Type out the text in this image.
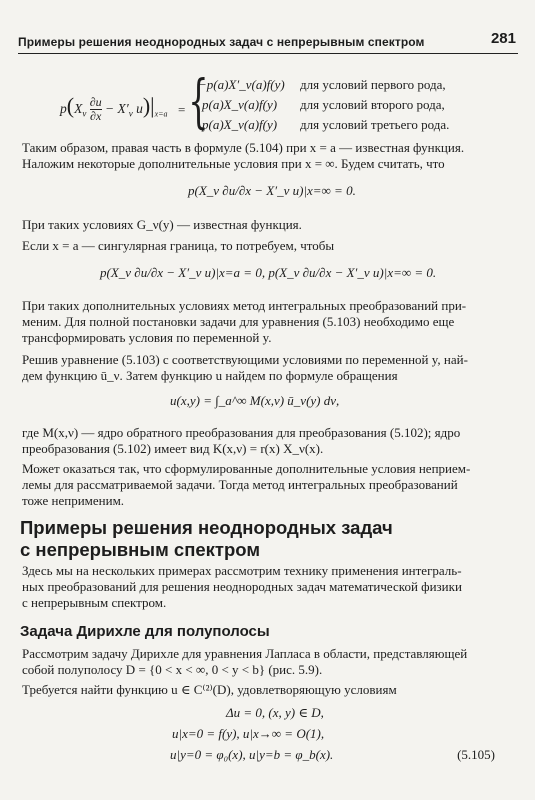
Примеры решения неоднородных задач с непрерывным спектром	281
$p(X_\nu \frac{\partial u}{\partial x} - X'_\nu$ $u)|_{x=a}$ = {
−p(a)X′_ν(a)f(y) для условий первого рода,
p(a)X_ν(a)f(y) для условий второго рода,
p(a)X_ν(a)f(y) для условий третьего рода.
Таким образом, правая часть в формуле (5.104) при x = a — известная функция.
Наложим некоторые дополнительные условия при x = ∞. Будем считать, что
p(X_ν ∂u/∂x − X′_ν u)|x=∞ = 0.
При таких условиях G_ν(y) — известная функция.
Если x = a — сингулярная граница, то потребуем, чтобы
p(X_ν ∂u/∂x − X′_ν u)|x=a = 0, p(X_ν ∂u/∂x − X′_ν u)|x=∞ = 0.
При таких дополнительных условиях метод интегральных преобразований при-
меним. Для полной постановки задачи для уравнения (5.103) необходимо еще
трансформировать условия по переменной y.
Решив уравнение (5.103) с соответствующими условиями по переменной y, най-
дем функцию ū_ν. Затем функцию u найдем по формуле обращения
u(x,y) = ∫_a^∞ M(x,ν) ū_ν(y) dν,
где M(x,ν) — ядро обратного преобразования для преобразования (5.102); ядро
преобразования (5.102) имеет вид K(x,ν) = r(x) X_ν(x).
Может оказаться так, что сформулированные дополнительные условия неприем-
лемы для рассматриваемой задачи. Тогда метод интегральных преобразований
тоже неприменим.
Примеры решения неоднородных задач
с непрерывным спектром
Здесь мы на нескольких примерах рассмотрим технику применения интеграль-
ных преобразований для решения неоднородных задач математической физики
с непрерывным спектром.
Задача Дирихле для полуполосы
Рассмотрим задачу Дирихле для уравнения Лапласа в области, представляющей
собой полуполосу D = {0 < x < ∞, 0 < y < b} (рис. 5.9).
Требуется найти функцию u ∈ C⁽²⁾(D), удовлетворяющую условиям
Δu = 0, (x, y) ∈ D,
u|x=0 = f(y), u|x→∞ = O(1),
u|y=0 = φ₀(x), u|y=b = φ_b(x).	(5.105)
